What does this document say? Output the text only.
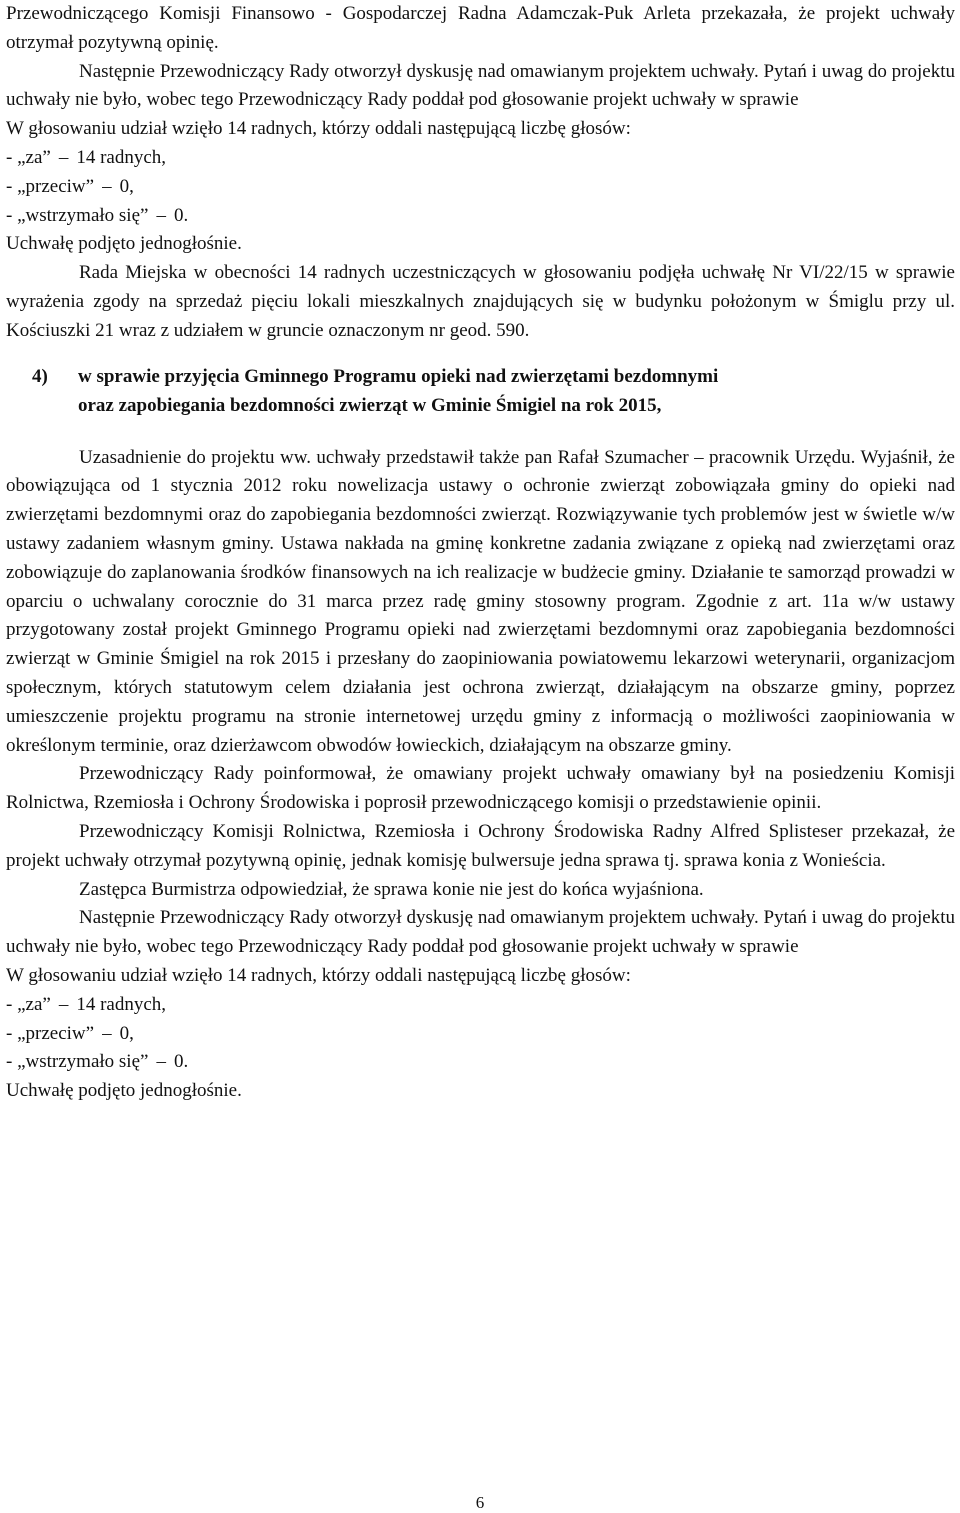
Przewodniczącego Komisji Finansowo - Gospodarczej Radna Adamczak-Puk Arleta przekazała, że projekt uchwały otrzymał pozytywną opinię.

Następnie Przewodniczący Rady otworzył dyskusję nad omawianym projektem uchwały. Pytań i uwag do projektu uchwały nie było, wobec tego Przewodniczący Rady poddał pod głosowanie projekt uchwały w sprawie

W głosowaniu udział wzięło 14 radnych, którzy oddali następującą liczbę głosów:

- „za” – 14 radnych,

- „przeciw” – 0,

- „wstrzymało się” – 0.

Uchwałę podjęto jednogłośnie.

Rada Miejska w obecności 14 radnych uczestniczących w głosowaniu podjęła uchwałę Nr VI/22/15 w sprawie wyrażenia zgody na sprzedaż pięciu lokali mieszkalnych znajdujących się w budynku położonym w Śmiglu przy ul. Kościuszki 21 wraz z udziałem w gruncie oznaczonym nr geod. 590.

4) w sprawie przyjęcia Gminnego Programu opieki nad zwierzętami bezdomnymi
oraz zapobiegania bezdomności zwierząt w Gminie Śmigiel na rok 2015,

Uzasadnienie do projektu ww. uchwały przedstawił także pan Rafał Szumacher – pracownik Urzędu. Wyjaśnił, że obowiązująca od 1 stycznia 2012 roku nowelizacja ustawy o ochronie zwierząt zobowiązała gminy do opieki nad zwierzętami bezdomnymi oraz do zapobiegania bezdomności zwierząt. Rozwiązywanie tych problemów jest w świetle w/w ustawy zadaniem własnym gminy. Ustawa nakłada na gminę konkretne zadania związane z opieką nad zwierzętami oraz zobowiązuje do zaplanowania środków finansowych na ich realizacje w budżecie gminy. Działanie te samorząd prowadzi w oparciu o uchwalany corocznie do 31 marca przez radę gminy stosowny program. Zgodnie z art. 11a w/w ustawy przygotowany został projekt Gminnego Programu opieki nad zwierzętami bezdomnymi oraz zapobiegania bezdomności zwierząt w Gminie Śmigiel na rok 2015 i przesłany do zaopiniowania powiatowemu lekarzowi weterynarii, organizacjom społecznym, których statutowym celem działania jest ochrona zwierząt, działającym na obszarze gminy, poprzez umieszczenie projektu programu na stronie internetowej urzędu gminy z informacją o możliwości zaopiniowania w określonym terminie, oraz dzierżawcom obwodów łowieckich, działającym na obszarze gminy.

Przewodniczący Rady poinformował, że omawiany projekt uchwały omawiany był na posiedzeniu Komisji Rolnictwa, Rzemiosła i Ochrony Środowiska i poprosił przewodniczącego komisji o przedstawienie opinii.

Przewodniczący Komisji Rolnictwa, Rzemiosła i Ochrony Środowiska Radny Alfred Splisteser przekazał, że projekt uchwały otrzymał pozytywną opinię, jednak komisję bulwersuje jedna sprawa tj. sprawa konia z Wonieścia.

Zastępca Burmistrza odpowiedział, że sprawa konie nie jest do końca wyjaśniona.

Następnie Przewodniczący Rady otworzył dyskusję nad omawianym projektem uchwały. Pytań i uwag do projektu uchwały nie było, wobec tego Przewodniczący Rady poddał pod głosowanie projekt uchwały w sprawie

W głosowaniu udział wzięło 14 radnych, którzy oddali następującą liczbę głosów:

- „za” – 14 radnych,

- „przeciw” – 0,

- „wstrzymało się” – 0.

Uchwałę podjęto jednogłośnie.

6
